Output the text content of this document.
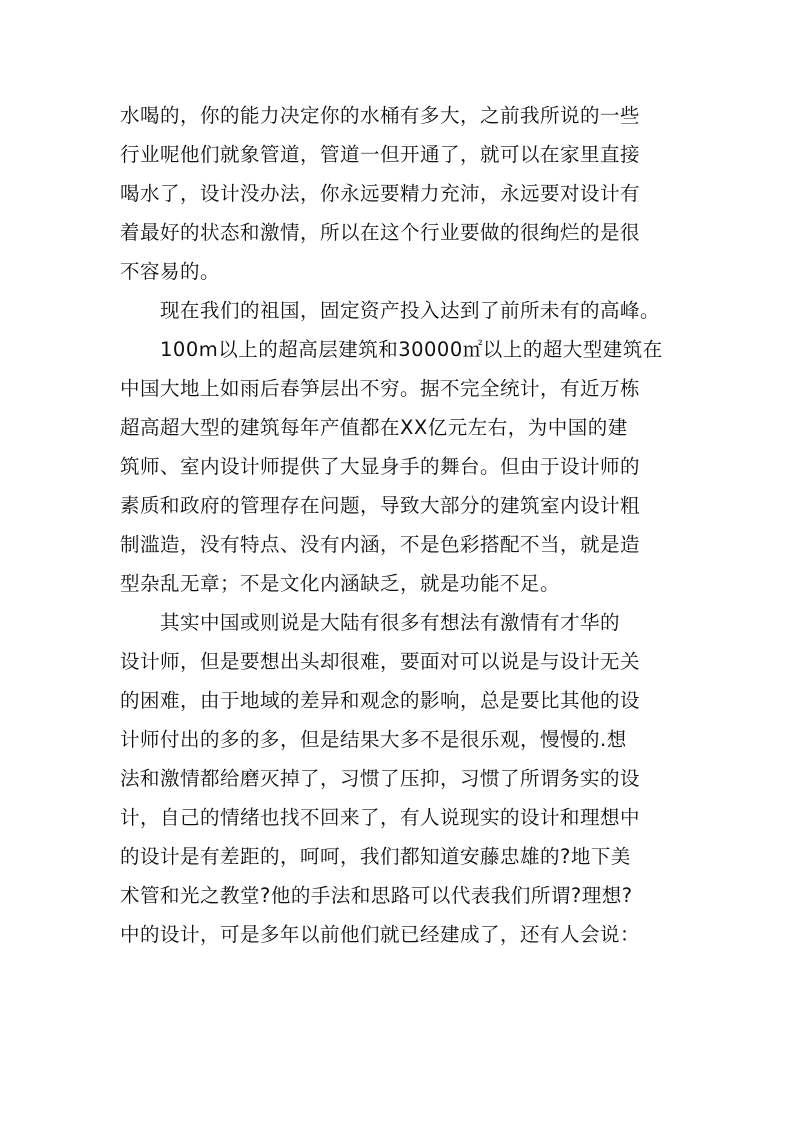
水喝的，你的能力决定你的水桶有多大，之前我所说的一些
行业呢他们就象管道，管道一但开通了，就可以在家里直接
喝水了，设计没办法，你永远要精力充沛，永远要对设计有
着最好的状态和激情，所以在这个行业要做的很绚烂的是很
不容易的。
　　现在我们的祖国，固定资产投入达到了前所未有的高峰。
　　100m以上的超高层建筑和30000㎡以上的超大型建筑在
中国大地上如雨后春笋层出不穷。据不完全统计，有近万栋
超高超大型的建筑每年产值都在XX亿元左右，为中国的建
筑师、室内设计师提供了大显身手的舞台。但由于设计师的
素质和政府的管理存在问题，导致大部分的建筑室内设计粗
制滥造，没有特点、没有内涵，不是色彩搭配不当，就是造
型杂乱无章；不是文化内涵缺乏，就是功能不足。
　　其实中国或则说是大陆有很多有想法有激情有才华的
设计师，但是要想出头却很难，要面对可以说是与设计无关
的困难，由于地域的差异和观念的影响，总是要比其他的设
计师付出的多的多，但是结果大多不是很乐观，慢慢的.想
法和激情都给磨灭掉了，习惯了压抑，习惯了所谓务实的设
计，自己的情绪也找不回来了，有人说现实的设计和理想中
的设计是有差距的，呵呵，我们都知道安藤忠雄的?地下美
术管和光之教堂?他的手法和思路可以代表我们所谓?理想?
中的设计，可是多年以前他们就已经建成了，还有人会说：
